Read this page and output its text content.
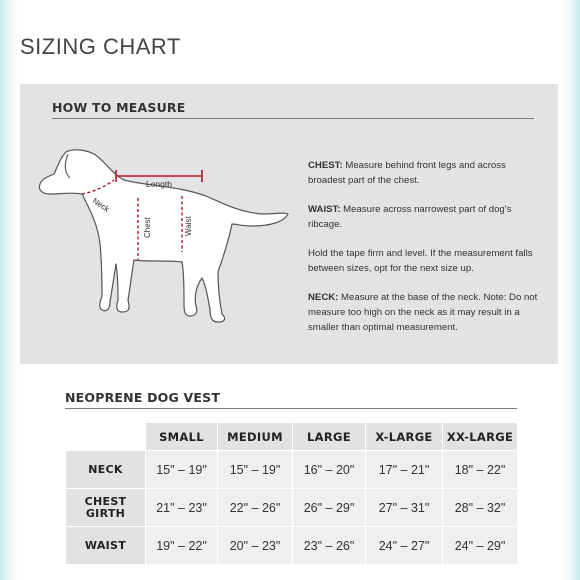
SIZING CHART
HOW TO MEASURE
Length
Neck
Chest	Waist

CHEST: Measure behind front legs and across broadest part of the chest.

WAIST: Measure across narrowest part of dog's ribcage.

Hold the tape firm and level. If the measurement falls between sizes, opt for the next size up.

NECK: Measure at the base of the neck. Note: Do not measure too high on the neck as it may result in a smaller than optimal measurement.

NEOPRENE DOG VEST
	SMALL	MEDIUM	LARGE	X-LARGE	XX-LARGE
NECK	15" – 19"	15" – 19"	16" – 20"	17" – 21"	18" – 22"
CHEST GIRTH	21" – 23"	22" – 26"	26" – 29"	27" – 31"	28" – 32"
WAIST	19" – 22"	20" – 23"	23" – 26"	24" – 27"	24" – 29"
